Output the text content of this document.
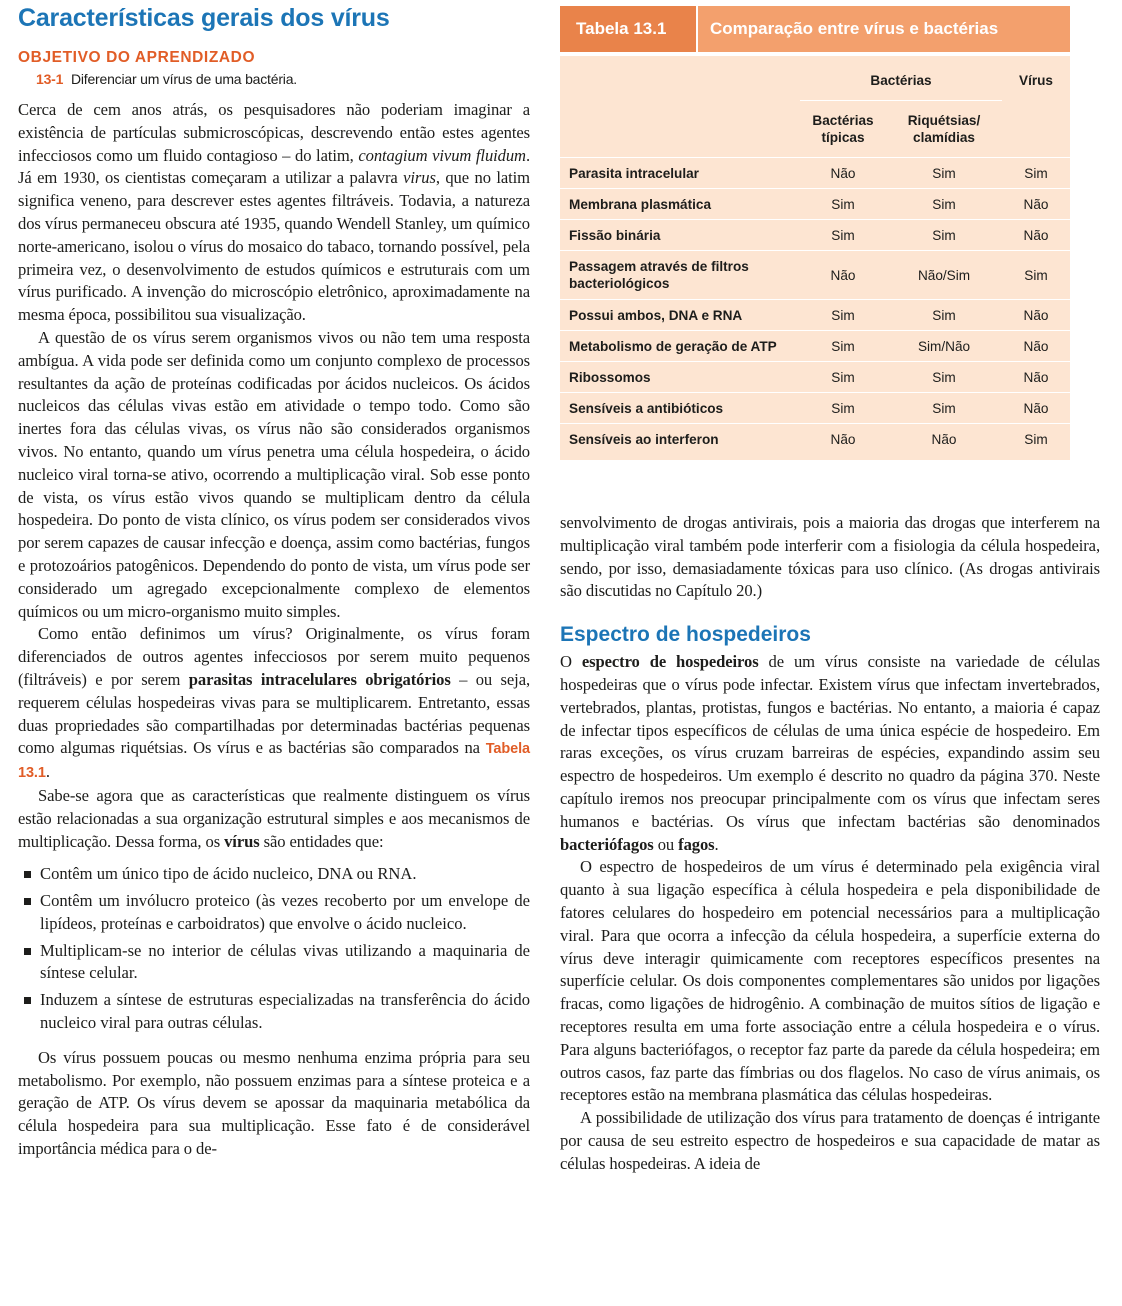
Características gerais dos vírus
OBJETIVO DO APRENDIZADO
13-1 Diferenciar um vírus de uma bactéria.

Cerca de cem anos atrás, os pesquisadores não poderiam imaginar a existência de partículas submicroscópicas, descrevendo então estes agentes infecciosos como um fluido contagioso – do latim, contagium vivum fluidum. Já em 1930, os cientistas começaram a utilizar a palavra virus, que no latim significa veneno, para descrever estes agentes filtráveis. Todavia, a natureza dos vírus permaneceu obscura até 1935, quando Wendell Stanley, um químico norte-americano, isolou o vírus do mosaico do tabaco, tornando possível, pela primeira vez, o desenvolvimento de estudos químicos e estruturais com um vírus purificado. A invenção do microscópio eletrônico, aproximadamente na mesma época, possibilitou sua visualização.

A questão de os vírus serem organismos vivos ou não tem uma resposta ambígua. A vida pode ser definida como um conjunto complexo de processos resultantes da ação de proteínas codificadas por ácidos nucleicos. Os ácidos nucleicos das células vivas estão em atividade o tempo todo. Como são inertes fora das células vivas, os vírus não são considerados organismos vivos. No entanto, quando um vírus penetra uma célula hospedeira, o ácido nucleico viral torna-se ativo, ocorrendo a multiplicação viral. Sob esse ponto de vista, os vírus estão vivos quando se multiplicam dentro da célula hospedeira. Do ponto de vista clínico, os vírus podem ser considerados vivos por serem capazes de causar infecção e doença, assim como bactérias, fungos e protozoários patogênicos. Dependendo do ponto de vista, um vírus pode ser considerado um agregado excepcionalmente complexo de elementos químicos ou um micro-organismo muito simples.

Como então definimos um vírus? Originalmente, os vírus foram diferenciados de outros agentes infecciosos por serem muito pequenos (filtráveis) e por serem parasitas intracelulares obrigatórios – ou seja, requerem células hospedeiras vivas para se multiplicarem. Entretanto, essas duas propriedades são compartilhadas por determinadas bactérias pequenas como algumas riquétsias. Os vírus e as bactérias são comparados na Tabela 13.1.

Sabe-se agora que as características que realmente distinguem os vírus estão relacionadas a sua organização estrutural simples e aos mecanismos de multiplicação. Dessa forma, os vírus são entidades que:

Contêm um único tipo de ácido nucleico, DNA ou RNA.
Contêm um invólucro proteico (às vezes recoberto por um envelope de lipídeos, proteínas e carboidratos) que envolve o ácido nucleico.
Multiplicam-se no interior de células vivas utilizando a maquinaria de síntese celular.
Induzem a síntese de estruturas especializadas na transferência do ácido nucleico viral para outras células.

Os vírus possuem poucas ou mesmo nenhuma enzima própria para seu metabolismo. Por exemplo, não possuem enzimas para a síntese proteica e a geração de ATP. Os vírus devem se apossar da maquinaria metabólica da célula hospedeira para sua multiplicação. Esse fato é de considerável importância médica para o de-

Tabela 13.1	Comparação entre vírus e bactérias
	Bactérias		Vírus
	Bactérias típicas	Riquétsias/ clamídias	
Parasita intracelular	Não	Sim	Sim
Membrana plasmática	Sim	Sim	Não
Fissão binária	Sim	Sim	Não
Passagem através de filtros bacteriológicos	Não	Não/Sim	Sim
Possui ambos, DNA e RNA	Sim	Sim	Não
Metabolismo de geração de ATP	Sim	Sim/Não	Não
Ribossomos	Sim	Sim	Não
Sensíveis a antibióticos	Sim	Sim	Não
Sensíveis ao interferon	Não	Não	Sim

senvolvimento de drogas antivirais, pois a maioria das drogas que interferem na multiplicação viral também pode interferir com a fisiologia da célula hospedeira, sendo, por isso, demasiadamente tóxicas para uso clínico. (As drogas antivirais são discutidas no Capítulo 20.)

Espectro de hospedeiros

O espectro de hospedeiros de um vírus consiste na variedade de células hospedeiras que o vírus pode infectar. Existem vírus que infectam invertebrados, vertebrados, plantas, protistas, fungos e bactérias. No entanto, a maioria é capaz de infectar tipos específicos de células de uma única espécie de hospedeiro. Em raras exceções, os vírus cruzam barreiras de espécies, expandindo assim seu espectro de hospedeiros. Um exemplo é descrito no quadro da página 370. Neste capítulo iremos nos preocupar principalmente com os vírus que infectam seres humanos e bactérias. Os vírus que infectam bactérias são denominados bacteriófagos ou fagos.

O espectro de hospedeiros de um vírus é determinado pela exigência viral quanto à sua ligação específica à célula hospedeira e pela disponibilidade de fatores celulares do hospedeiro em potencial necessários para a multiplicação viral. Para que ocorra a infecção da célula hospedeira, a superfície externa do vírus deve interagir quimicamente com receptores específicos presentes na superfície celular. Os dois componentes complementares são unidos por ligações fracas, como ligações de hidrogênio. A combinação de muitos sítios de ligação e receptores resulta em uma forte associação entre a célula hospedeira e o vírus. Para alguns bacteriófagos, o receptor faz parte da parede da célula hospedeira; em outros casos, faz parte das fímbrias ou dos flagelos. No caso de vírus animais, os receptores estão na membrana plasmática das células hospedeiras.

A possibilidade de utilização dos vírus para tratamento de doenças é intrigante por causa de seu estreito espectro de hospedeiros e sua capacidade de matar as células hospedeiras. A ideia de
